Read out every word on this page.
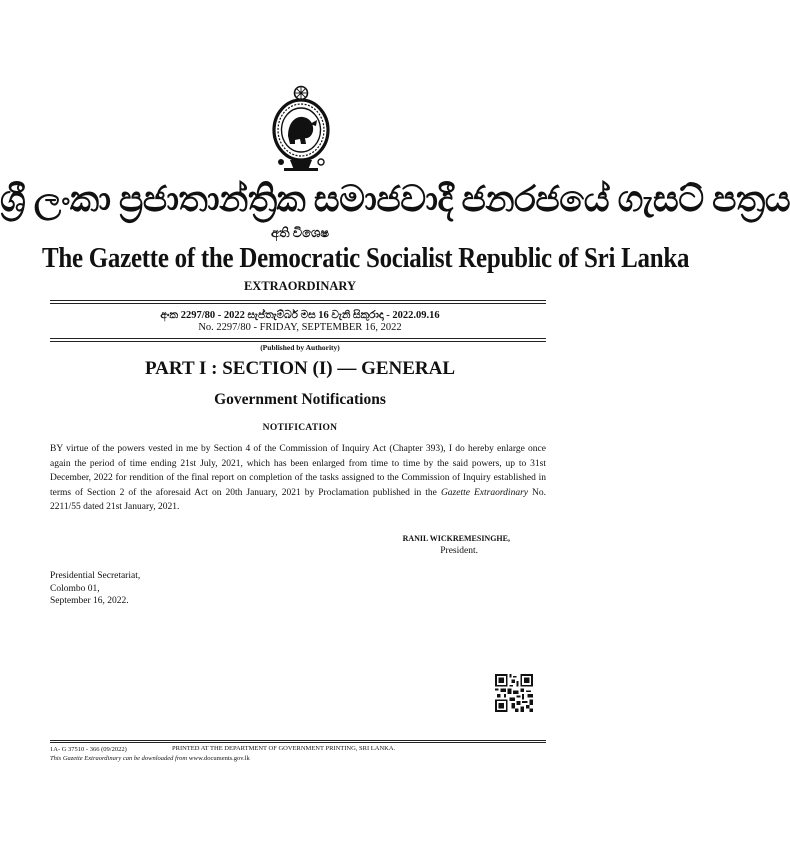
ශ්‍රී ලංකා ප්‍රජාතාන්ත්‍රික සමාජවාදී ජනරජයේ ගැසට් පත්‍රය
අති විශෙෂ
The Gazette of the Democratic Socialist Republic of Sri Lanka
EXTRAORDINARY
අංක 2297/80 - 2022 සැප්තැම්බර් මස 16 වැනි සිකුරාදා - 2022.09.16
No. 2297/80 - FRIDAY, SEPTEMBER 16, 2022
(Published by Authority)
PART I : SECTION (I) — GENERAL
Government Notifications
NOTIFICATION
BY virtue of the powers vested in me by Section 4 of the Commission of Inquiry Act (Chapter 393), I do hereby enlarge once again the period of time ending 21st July, 2021, which has been enlarged from time to time by the said powers, up to 31st December, 2022 for rendition of the final report on completion of the tasks assigned to the Commission of Inquiry established in terms of Section 2 of the aforesaid Act on 20th January, 2021 by Proclamation published in the Gazette Extraordinary No. 2211/55 dated 21st January, 2021.
RANIL WICKREMESINGHE,
President.
Presidential Secretariat,
Colombo 01,
September 16, 2022.
1A- G 37510 - 366 (09/2022)	PRINTED AT THE DEPARTMENT OF GOVERNMENT PRINTING, SRI LANKA.
This Gazette Extraordinary can be downloaded from www.documents.gov.lk
